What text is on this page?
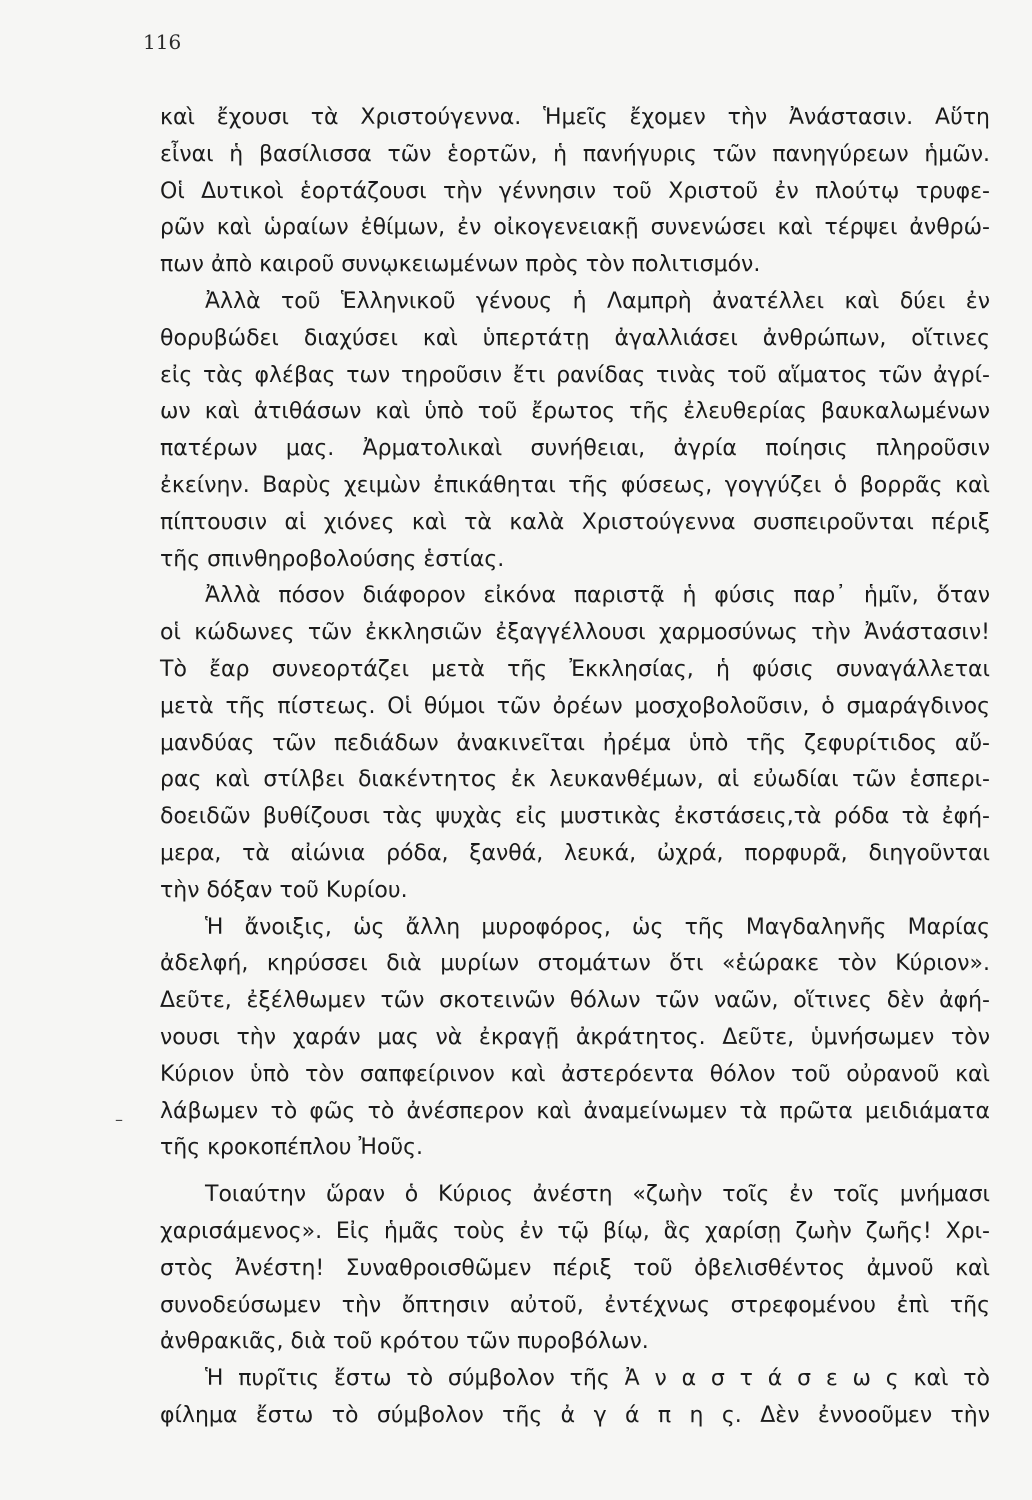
116
καὶ ἔχουσι τὰ Χριστούγεννα. Ἡμεῖς ἔχομεν τὴν Ἀνάστασιν. Αὕτη
εἶναι ἡ βασίλισσα τῶν ἑορτῶν, ἡ πανήγυρις τῶν πανηγύρεων ἡμῶν.
Οἱ Δυτικοὶ ἑορτάζουσι τὴν γέννησιν τοῦ Χριστοῦ ἐν πλούτῳ τρυφε-
ρῶν καὶ ὡραίων ἐθίμων, ἐν οἰκογενειακῇ συνενώσει καὶ τέρψει ἀνθρώ-
πων ἀπὸ καιροῦ συνῳκειωμένων πρὸς τὸν πολιτισμόν.
Ἀλλὰ τοῦ Ἑλληνικοῦ γένους ἡ Λαμπρὴ ἀνατέλλει καὶ δύει ἐν
θορυβώδει διαχύσει καὶ ὑπερτάτῃ ἀγαλλιάσει ἀνθρώπων, οἵτινες
εἰς τὰς φλέβας των τηροῦσιν ἔτι ρανίδας τινὰς τοῦ αἵματος τῶν ἀγρί-
ων καὶ ἀτιθάσων καὶ ὑπὸ τοῦ ἔρωτος τῆς ἐλευθερίας βαυκαλωμένων
πατέρων μας. Ἀρματολικαὶ συνήθειαι, ἀγρία ποίησις πληροῦσιν
ἐκείνην. Βαρὺς χειμὼν ἐπικάθηται τῆς φύσεως, γογγύζει ὁ βορρᾶς καὶ
πίπτουσιν αἱ χιόνες καὶ τὰ καλὰ Χριστούγεννα συσπειροῦνται πέριξ
τῆς σπινθηροβολούσης ἑστίας.
Ἀλλὰ πόσον διάφορον εἰκόνα παριστᾷ ἡ φύσις παρ᾽ ἡμῖν, ὅταν
οἱ κώδωνες τῶν ἐκκλησιῶν ἐξαγγέλλουσι χαρμοσύνως τὴν Ἀνάστασιν!
Τὸ ἔαρ συνεορτάζει μετὰ τῆς Ἐκκλησίας, ἡ φύσις συναγάλλεται
μετὰ τῆς πίστεως. Οἱ θύμοι τῶν ὀρέων μοσχοβολοῦσιν, ὁ σμαράγδινος
μανδύας τῶν πεδιάδων ἀνακινεῖται ἠρέμα ὑπὸ τῆς ζεφυρίτιδος αὔ-
ρας καὶ στίλβει διακέντητος ἐκ λευκανθέμων, αἱ εὐωδίαι τῶν ἑσπερι-
δοειδῶν βυθίζουσι τὰς ψυχὰς εἰς μυστικὰς ἐκστάσεις,τὰ ρόδα τὰ ἐφή-
μερα, τὰ αἰώνια ρόδα, ξανθά, λευκά, ὠχρά, πορφυρᾶ, διηγοῦνται
τὴν δόξαν τοῦ Κυρίου.
Ἡ ἄνοιξις, ὡς ἄλλη μυροφόρος, ὡς τῆς Μαγδαληνῆς Μαρίας
ἀδελφή, κηρύσσει διὰ μυρίων στομάτων ὅτι «ἑώρακε τὸν Κύριον».
Δεῦτε, ἐξέλθωμεν τῶν σκοτεινῶν θόλων τῶν ναῶν, οἵτινες δὲν ἀφή-
νουσι τὴν χαράν μας νὰ ἐκραγῇ ἀκράτητος. Δεῦτε, ὑμνήσωμεν τὸν
Κύριον ὑπὸ τὸν σαπφείρινον καὶ ἀστερόεντα θόλον τοῦ οὐρανοῦ καὶ
λάβωμεν τὸ φῶς τὸ ἀνέσπερον καὶ ἀναμείνωμεν τὰ πρῶτα μειδιάματα
τῆς κροκοπέπλου Ἠοῦς.
Τοιαύτην ὥραν ὁ Κύριος ἀνέστη «ζωὴν τοῖς ἐν τοῖς μνήμασι
χαρισάμενος». Εἰς ἡμᾶς τοὺς ἐν τῷ βίῳ, ἃς χαρίσῃ ζωὴν ζωῆς! Χρι-
στὸς Ἀνέστη! Συναθροισθῶμεν πέριξ τοῦ ὀβελισθέντος ἀμνοῦ καὶ
συνοδεύσωμεν τὴν ὄπτησιν αὐτοῦ, ἐντέχνως στρεφομένου ἐπὶ τῆς
ἀνθρακιᾶς, διὰ τοῦ κρότου τῶν πυροβόλων.
Ἡ πυρῖτις ἔστω τὸ σύμβολον τῆς Ἀ ν α σ τ ά σ ε ω ς καὶ τὸ
φίλημα ἔστω τὸ σύμβολον τῆς ἀ γ ά π η ς. Δὲν ἐννοοῦμεν τὴν
–
